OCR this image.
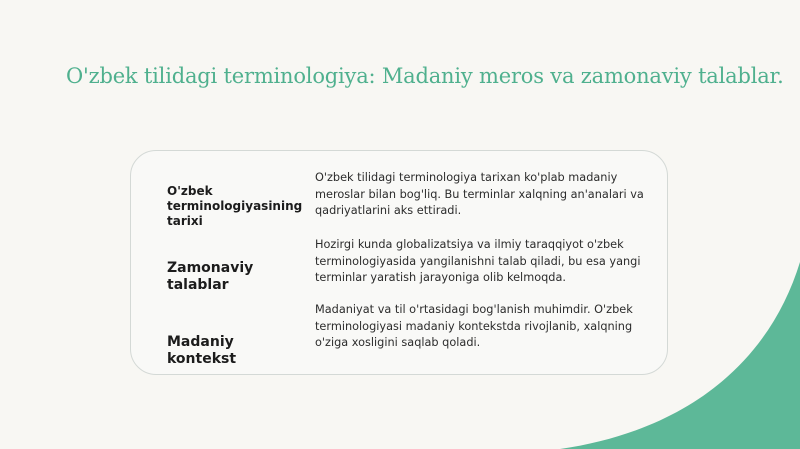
O'zbek tilidagi terminologiya: Madaniy meros va zamonaviy talablar.
O'zbek terminologiyasining tarixi
O'zbek tilidagi terminologiya tarixan ko'plab madaniy meroslar bilan bog'liq. Bu terminlar xalqning an'analari va qadriyatlarini aks ettiradi.
Zamonaviy talablar
Hozirgi kunda globalizatsiya va ilmiy taraqqiyot o'zbek terminologiyasida yangilanishni talab qiladi, bu esa yangi terminlar yaratish jarayoniga olib kelmoqda.
Madaniy kontekst
Madaniyat va til o'rtasidagi bog'lanish muhimdir. O'zbek terminologiyasi madaniy kontekstda rivojlanib, xalqning o'ziga xosligini saqlab qoladi.
